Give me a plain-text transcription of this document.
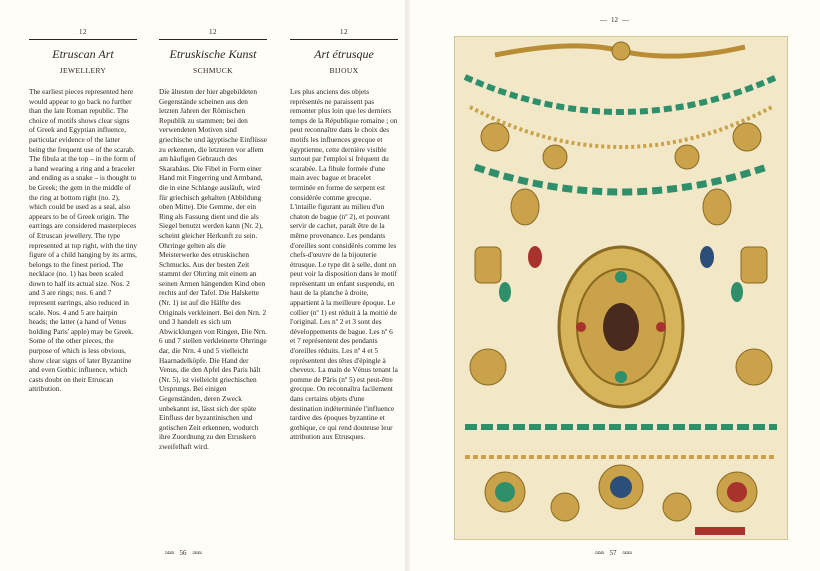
12
Etruscan Art
JEWELLERY
The earliest pieces represented here would appear to go back no further than the late Roman republic. The choice of motifs shows clear signs of Greek and Egyptian influence, particular evidence of the latter being the frequent use of the scarab. The fibula at the top – in the form of a hand wearing a ring and a bracelet and ending as a snake – is thought to be Greek; the gem in the middle of the ring at bottom right (no. 2), which could be used as a seal, also appears to be of Greek origin. The earrings are considered masterpieces of Etruscan jewellery. The type represented at top right, with the tiny figure of a child hanging by its arms, belongs to the finest period. The necklace (no. 1) has been scaled down to half its actual size. Nos. 2 and 3 are rings; nos. 6 and 7 represent earrings, also reduced in scale. Nos. 4 and 5 are hairpin heads; the latter (a hand of Venus holding Paris' apple) may be Greek. Some of the other pieces, the purpose of which is less obvious, show clear signs of later Byzantine and even Gothic influence, which casts doubt on their Etruscan attribution.
12
Etruskische Kunst
SCHMUCK
Die ältesten der hier abgebildeten Gegenstände scheinen aus den letzten Jahren der Römischen Republik zu stammen; bei den verwendeten Motiven sind griechische und ägyptische Einflüsse zu erkennen, die letzteren vor allem am häufigen Gebrauch des Skarabäus. Die Fibel in Form einer Hand mit Fingerring und Armband, die in eine Schlange ausläuft, wird für griechisch gehalten (Abbildung oben Mitte). Die Gemme, der ein Ring als Fassung dient und die als Siegel benutzt werden kann (Nr. 2), scheint gleicher Herkunft zu sein. Ohrringe gelten als die Meisterwerke des etruskischen Schmucks. Aus der besten Zeit stammt der Ohrring mit einem an seinen Armen hängenden Kind oben rechts auf der Tafel. Die Halskette (Nr. 1) ist auf die Hälfte des Originals verkleinert. Bei den Nrn. 2 und 3 handelt es sich um Abwicklungen von Ringen, Die Nrn. 6 und 7 stellen verkleinerte Ohrringe dar, die Nrn. 4 und 5 vielleicht Haarnadelköpfe. Die Hand der Venus, die den Apfel des Paris hält (Nr. 5), ist vielleicht griechischen Ursprungs. Bei einigen Gegenständen, deren Zweck unbekannt ist, lässt sich der späte Einfluss der byzantinischen und gotischen Zeit erkennen, wodurch ihre Zuordnung zu den Etruskern zweifelhaft wird.
12
Art étrusque
BIJOUX
Les plus anciens des objets représentés ne paraissent pas remonter plus loin que les derniers temps de la République romaine ; on peut reconnaître dans le choix des motifs les influences grecque et égyptienne, cette dernière visible surtout par l'emploi si fréquent du scarabée. La fibule formée d'une main avec bague et bracelet terminée en forme de serpent est considérée comme grecque. L'intaille figurant au milieu d'un chaton de bague (nº 2), et pouvant servir de cachet, paraît être de la même provenance. Les pendants d'oreilles sont considérés comme les chefs-d'œuvre de la bijouterie étrusque. Le type dit à selle, dont on peut voir la disposition dans le motif représentant un enfant suspendu, en haut de la planche à droite, appartient à la meilleure époque. Le collier (nº 1) est réduit à la moitié de l'original. Les nº 2 et 3 sont des développements de bague. Les nº 6 et 7 représentent des pendants d'oreilles réduits. Les nº 4 et 5 représentent des têtes d'épingle à cheveux. La main de Vénus tenant la pomme de Pâris (nº 5) est peut-être grecque. On reconnaîtra facilement dans certains objets d'une destination indéterminée l'influence tardive des époques byzantine et gothique, ce qui rend douteuse leur attribution aux Etrusques.
≈≈≈ 56 ≈≈≈
— 12 —
≈≈≈ 57 ≈≈≈
